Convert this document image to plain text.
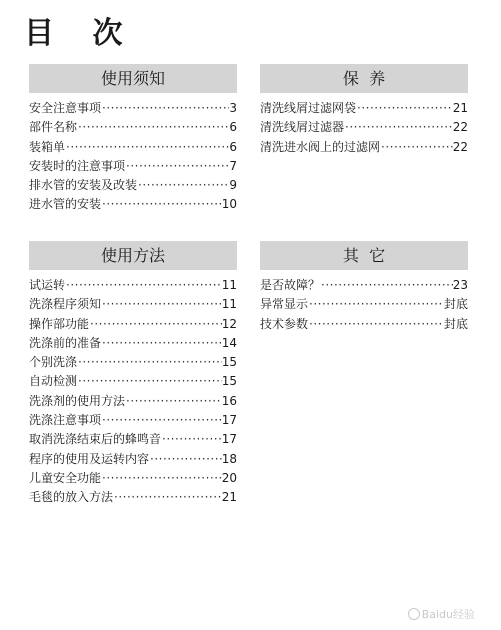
目 次
使用须知
安全注意事项 ·····	3
部件名称 ·····	6
装箱单 ·····	6
安装时的注意事项 ·····	7
排水管的安装及改装 ·····	9
进水管的安装 ·····	10
保  养
清洗线屑过滤网袋 ·····	21
清洗线屑过滤器 ·····	22
清洗进水阀上的过滤网 ·····	22
使用方法
试运转 ·····	11
洗涤程序须知 ·····	11
操作部功能 ·····	12
洗涤前的准备 ·····	14
个别洗涤 ·····	15
自动检测 ·····	15
洗涤剂的使用方法 ·····	16
洗涤注意事项 ·····	17
取消洗涤结束后的蜂鸣音 ·····	17
程序的使用及运转内容 ·····	18
儿童安全功能 ·····	20
毛毯的放入方法 ·····	21
其  它
是否故障？ ·····	23
异常显示 ·····	封底
技术参数 ·····	封底
Baidu经验
